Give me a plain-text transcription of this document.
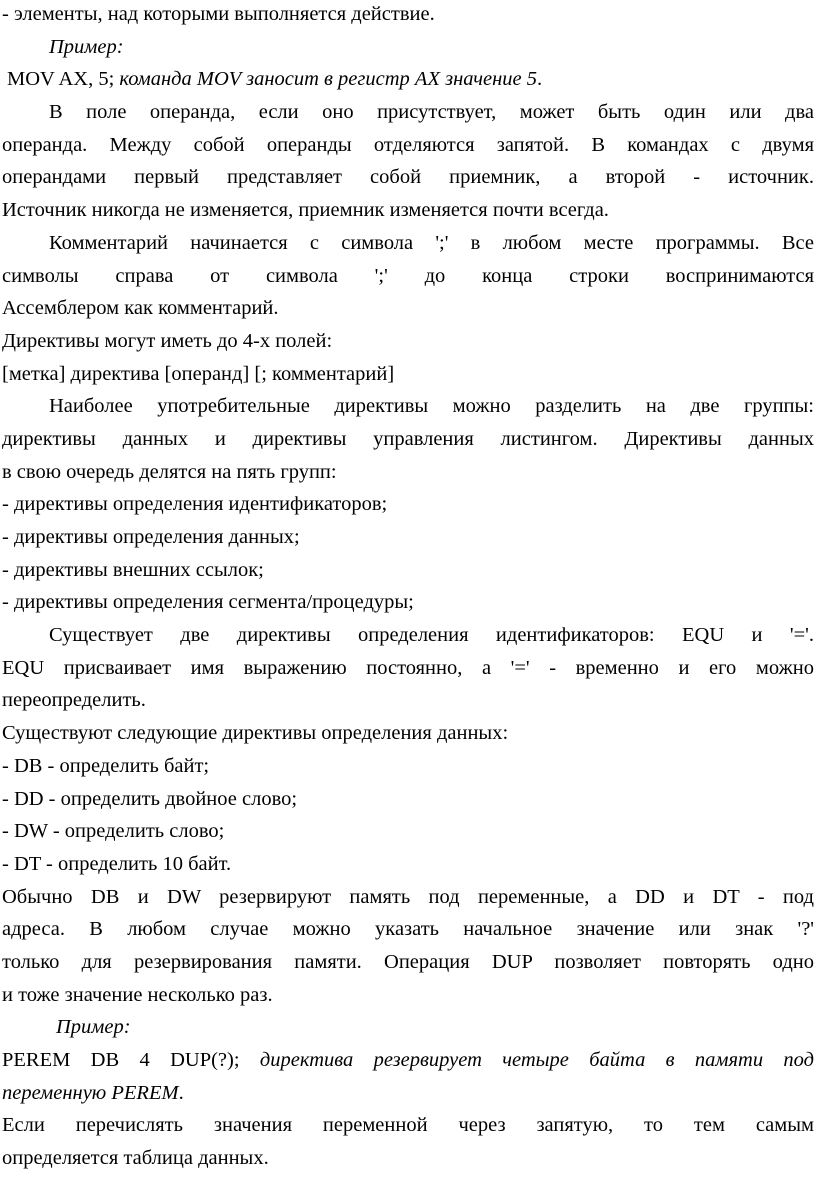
- элементы, над которыми выполняется действие.
Пример:
MOV AX, 5; команда MOV заносит в регистр AX значение 5.
В поле операнда, если оно присутствует, может быть один или два
операнда. Между собой операнды отделяются запятой. В командах с двумя
операндами первый представляет собой приемник, а второй - источник.
Источник никогда не изменяется, приемник изменяется почти всегда.
Комментарий начинается с символа ';' в любом месте программы. Все
символы справа от символа ';' до конца строки воспринимаются
Ассемблером как комментарий.
Директивы могут иметь до 4-х полей:
[метка] директива [операнд] [; комментарий]
Наиболее употребительные директивы можно разделить на две группы:
директивы данных и директивы управления листингом. Директивы данных
в свою очередь делятся на пять групп:
- директивы определения идентификаторов;
- директивы определения данных;
- директивы внешних ссылок;
- директивы определения сегмента/процедуры;
Существует две директивы определения идентификаторов: EQU и '='.
EQU присваивает имя выражению постоянно, а '=' - временно и его можно
переопределить.
Существуют следующие директивы определения данных:
- DB - определить байт;
- DD - определить двойное слово;
- DW - определить слово;
- DT - определить 10 байт.
Обычно DB и DW резервируют память под переменные, а DD и DT - под
адреса. В любом случае можно указать начальное значение или знак '?'
только для резервирования памяти. Операция DUP позволяет повторять одно
и тоже значение несколько раз.
Пример:
PEREM DB 4 DUP(?); директива резервирует четыре байта в памяти под
переменную PEREM.
Если перечислять значения переменной через запятую, то тем самым
определяется таблица данных.
